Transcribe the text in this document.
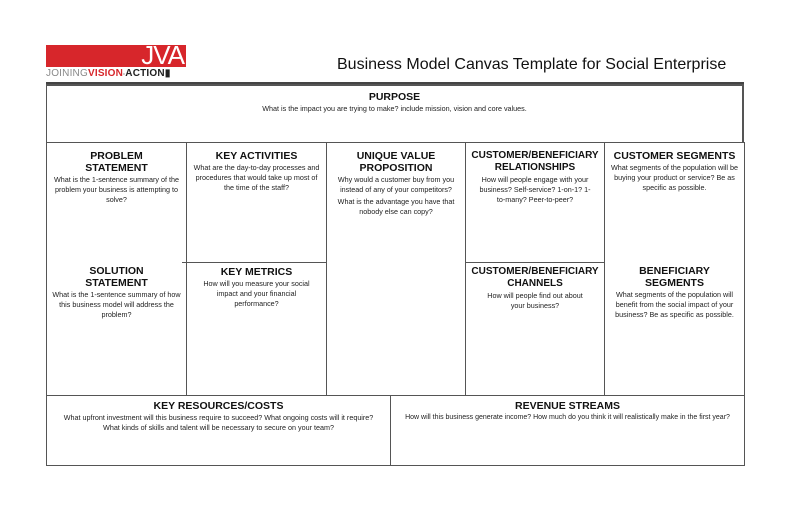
JVA
JOININGVISION·ACTION▮
Business Model Canvas Template for Social Enterprise
PURPOSE
What is the impact you are trying to make? include mission, vision and core values.
PROBLEM STATEMENT
What is the 1-sentence summary of the problem your business is attempting to solve?
SOLUTION STATEMENT
What is the 1-sentence summary of how this business model will address the problem?
KEY ACTIVITIES
What are the day-to-day processes and procedures that would take up most of the time of the staff?
KEY METRICS
How will you measure your social impact and your financial performance?
UNIQUE VALUE PROPOSITION
Why would a customer buy from you instead of any of your competitors?
What is the advantage you have that nobody else can copy?
CUSTOMER/BENEFICIARY RELATIONSHIPS
How will people engage with your business? Self-service? 1-on-1? 1-to-many? Peer-to-peer?
CUSTOMER/BENEFICIARY CHANNELS
How will people find out about your business?
CUSTOMER SEGMENTS
What segments of the population will be buying your product or service? Be as specific as possible.
BENEFICIARY SEGMENTS
What segments of the population will benefit from the social impact of your business? Be as specific as possible.
KEY RESOURCES/COSTS
What upfront investment will this business require to succeed? What ongoing costs will it require? What kinds of skills and talent will be necessary to secure on your team?
REVENUE STREAMS
How will this business generate income? How much do you think it will realistically make in the first year?
